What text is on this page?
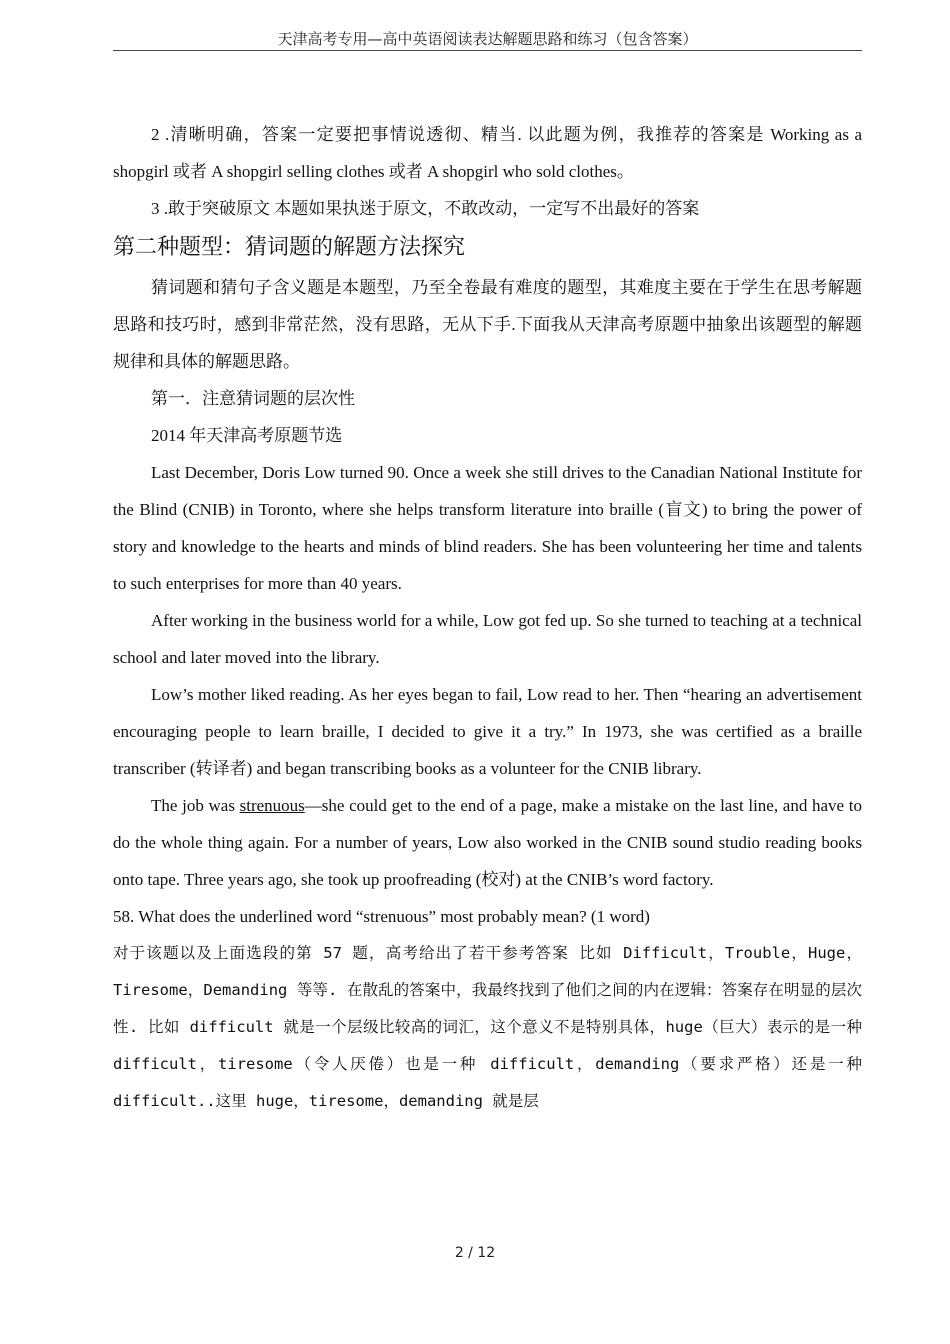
天津高考专用—高中英语阅读表达解题思路和练习（包含答案）

2 .清晰明确，答案一定要把事情说透彻、精当. 以此题为例，我推荐的答案是 Working as a shopgirl 或者 A shopgirl selling clothes 或者 A shopgirl who sold clothes。

3 .敢于突破原文 本题如果执迷于原文，不敢改动，一定写不出最好的答案

第二种题型：猜词题的解题方法探究

猜词题和猜句子含义题是本题型，乃至全卷最有难度的题型，其难度主要在于学生在思考解题思路和技巧时，感到非常茫然，没有思路，无从下手.下面我从天津高考原题中抽象出该题型的解题规律和具体的解题思路。

第一．注意猜词题的层次性

2014 年天津高考原题节选

Last December, Doris Low turned 90. Once a week she still drives to the Canadian National Institute for the Blind (CNIB) in Toronto, where she helps transform literature into braille (盲文) to bring the power of story and knowledge to the hearts and minds of blind readers. She has been volunteering her time and talents to such enterprises for more than 40 years.

After working in the business world for a while, Low got fed up. So she turned to teaching at a technical school and later moved into the library.

Low’s mother liked reading. As her eyes began to fail, Low read to her. Then “hearing an advertisement encouraging people to learn braille, I decided to give it a try.” In 1973, she was certified as a braille transcriber (转译者) and began transcribing books as a volunteer for the CNIB library.

The job was strenuous—she could get to the end of a page, make a mistake on the last line, and have to do the whole thing again. For a number of years, Low also worked in the CNIB sound studio reading books onto tape. Three years ago, she took up proofreading (校对) at the CNIB’s word factory.

58. What does the underlined word “strenuous” most probably mean? (1 word)

对于该题以及上面选段的第 57 题，高考给出了若干参考答案 比如 Difficult，Trouble，Huge，Tiresome，Demanding 等等. 在散乱的答案中，我最终找到了他们之间的内在逻辑：答案存在明显的层次性. 比如 difficult 就是一个层级比较高的词汇，这个意义不是特别具体，huge（巨大）表示的是一种 difficult，tiresome（令人厌倦）也是一种 difficult，demanding（要求严格）还是一种 difficult..这里 huge，tiresome，demanding 就是层

2 / 12
